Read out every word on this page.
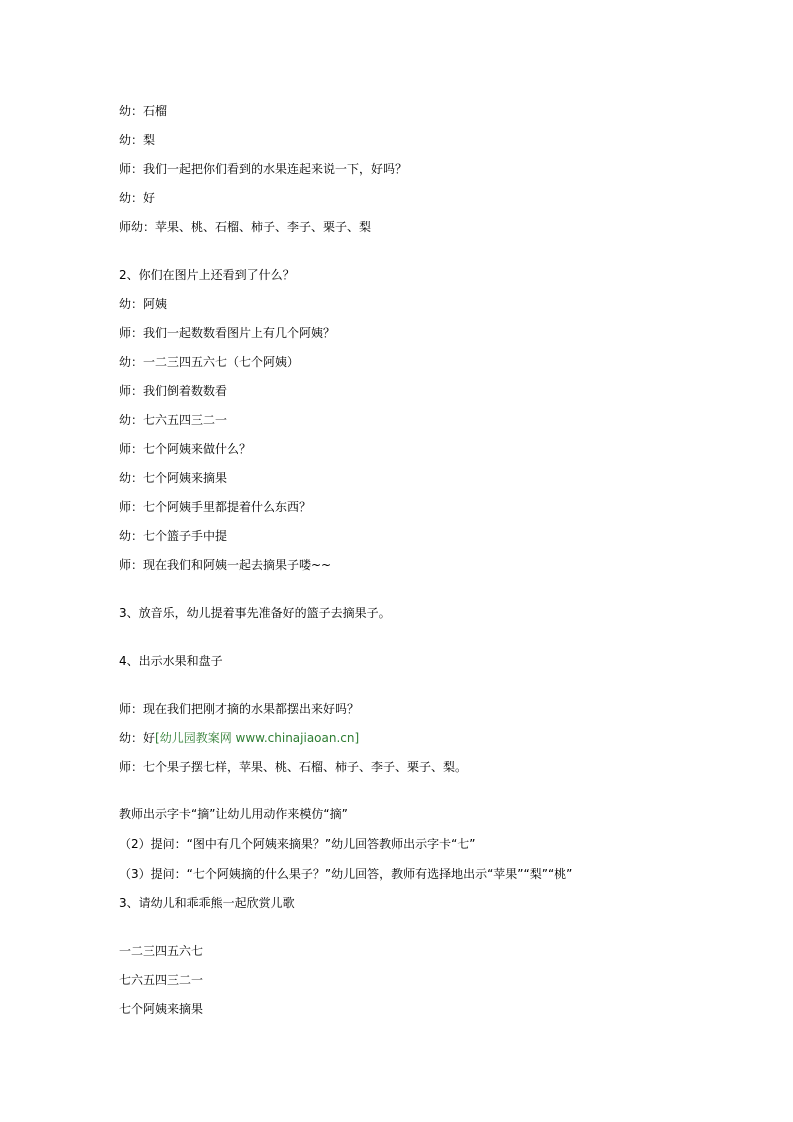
幼：石榴
幼：梨
师：我们一起把你们看到的水果连起来说一下，好吗？
幼：好
师幼：苹果、桃、石榴、柿子、李子、栗子、梨
2、你们在图片上还看到了什么？
幼：阿姨
师：我们一起数数看图片上有几个阿姨？
幼：一二三四五六七（七个阿姨）
师：我们倒着数数看
幼：七六五四三二一
师：七个阿姨来做什么？
幼：七个阿姨来摘果
师：七个阿姨手里都提着什么东西？
幼：七个篮子手中提
师：现在我们和阿姨一起去摘果子喽~~
3、放音乐，幼儿提着事先准备好的篮子去摘果子。
4、出示水果和盘子
师：现在我们把刚才摘的水果都摆出来好吗？
幼：好[幼儿园教案网 www.chinajiaoan.cn]
师：七个果子摆七样，苹果、桃、石榴、柿子、李子、栗子、梨。
教师出示字卡“摘”让幼儿用动作来模仿“摘”
（2）提问：“图中有几个阿姨来摘果？”幼儿回答教师出示字卡“七”
（3）提问：“七个阿姨摘的什么果子？”幼儿回答，教师有选择地出示“苹果”“梨”“桃”
3、请幼儿和乖乖熊一起欣赏儿歌
一二三四五六七
七六五四三二一
七个阿姨来摘果
